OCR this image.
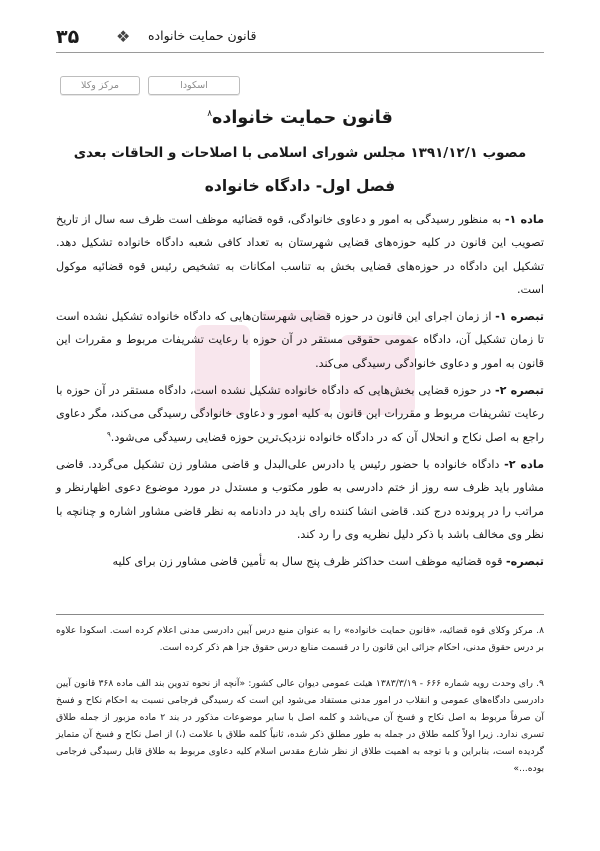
۳۵ ❖ قانون حمایت خانواده
مرکز وکلا	اسکودا
قانون حمایت خانواده$^۸$
مصوب ۱۳۹۱/۱۲/۱ مجلس شورای اسلامی با اصلاحات و الحاقات بعدی
فصل اول- دادگاه خانواده

ماده ۱- به منظور رسیدگی به امور و دعاوی خانوادگی، قوه قضائیه موظف است ظرف سه سال از تاریخ تصویب این قانون در کلیه حوزه‌های قضایی شهرستان به تعداد کافی شعبه دادگاه خانواده تشکیل دهد. تشکیل این دادگاه در حوزه‌های قضایی بخش به تناسب امکانات به تشخیص رئیس قوه قضائیه موکول است.

تبصره ۱- از زمان اجرای این قانون در حوزه قضایی شهرستان‌هایی که دادگاه خانواده تشکیل نشده است تا زمان تشکیل آن، دادگاه عمومی حقوقی مستقر در آن حوزه با رعایت تشریفات مربوط و مقررات این قانون به امور و دعاوی خانوادگی رسیدگی می‌کند.

تبصره ۲- در حوزه قضایی بخش‌هایی که دادگاه خانواده تشکیل نشده است، دادگاه مستقر در آن حوزه با رعایت تشریفات مربوط و مقررات این قانون به کلیه امور و دعاوی خانوادگی رسیدگی می‌کند، مگر دعاوی راجع به اصل نکاح و انحلال آن که در دادگاه خانواده نزدیک‌ترین حوزه قضایی رسیدگی می‌شود.$^۹$

ماده ۲- دادگاه خانواده با حضور رئیس یا دادرس علی‌البدل و قاضی مشاور زن تشکیل می‌گردد. قاضی مشاور باید ظرف سه روز از ختم دادرسی به طور مکتوب و مستدل در مورد موضوع دعوی اظهارنظر و مراتب را در پرونده درج کند. قاضی انشا کننده رای باید در دادنامه به نظر قاضی مشاور اشاره و چنانچه با نظر وی مخالف باشد با ذکر دلیل نظریه وی را رد کند.

تبصره- قوه قضائیه موظف است حداکثر ظرف پنج سال به تأمین قاضی مشاور زن برای کلیه

۸. مرکز وکلای قوه قضائیه، «قانون حمایت خانواده» را به عنوان منبع درس آیین دادرسی مدنی اعلام کرده است. اسکودا علاوه بر درس حقوق مدنی، احکام جزائی این قانون را در قسمت منابع درس حقوق جزا هم ذکر کرده است.
۹. رای وحدت رویه شماره ۶۶۶ - ۱۳۸۳/۳/۱۹ هیئت عمومی دیوان عالی کشور: «آنچه از نحوه تدوین بند الف ماده ۳۶۸ قانون آیین دادرسی دادگاه‌های عمومی و انقلاب در امور مدنی مستفاد می‌شود این است که رسیدگی فرجامی نسبت به احکام نکاح و فسخ آن صرفاً مربوط به اصل نکاح و فسخ آن می‌باشد و کلمه اصل با سایر موضوعات مذکور در بند ۲ ماده مزبور از جمله طلاق تسری ندارد. زیرا اولاً کلمه طلاق در جمله به طور مطلق ذکر شده، ثانیاً کلمه طلاق با علامت (،) از اصل نکاح و فسخ آن متمایز گردیده است، بنابراین و با توجه به اهمیت طلاق از نظر شارع مقدس اسلام کلیه دعاوی مربوط به طلاق قابل رسیدگی فرجامی بوده...»
